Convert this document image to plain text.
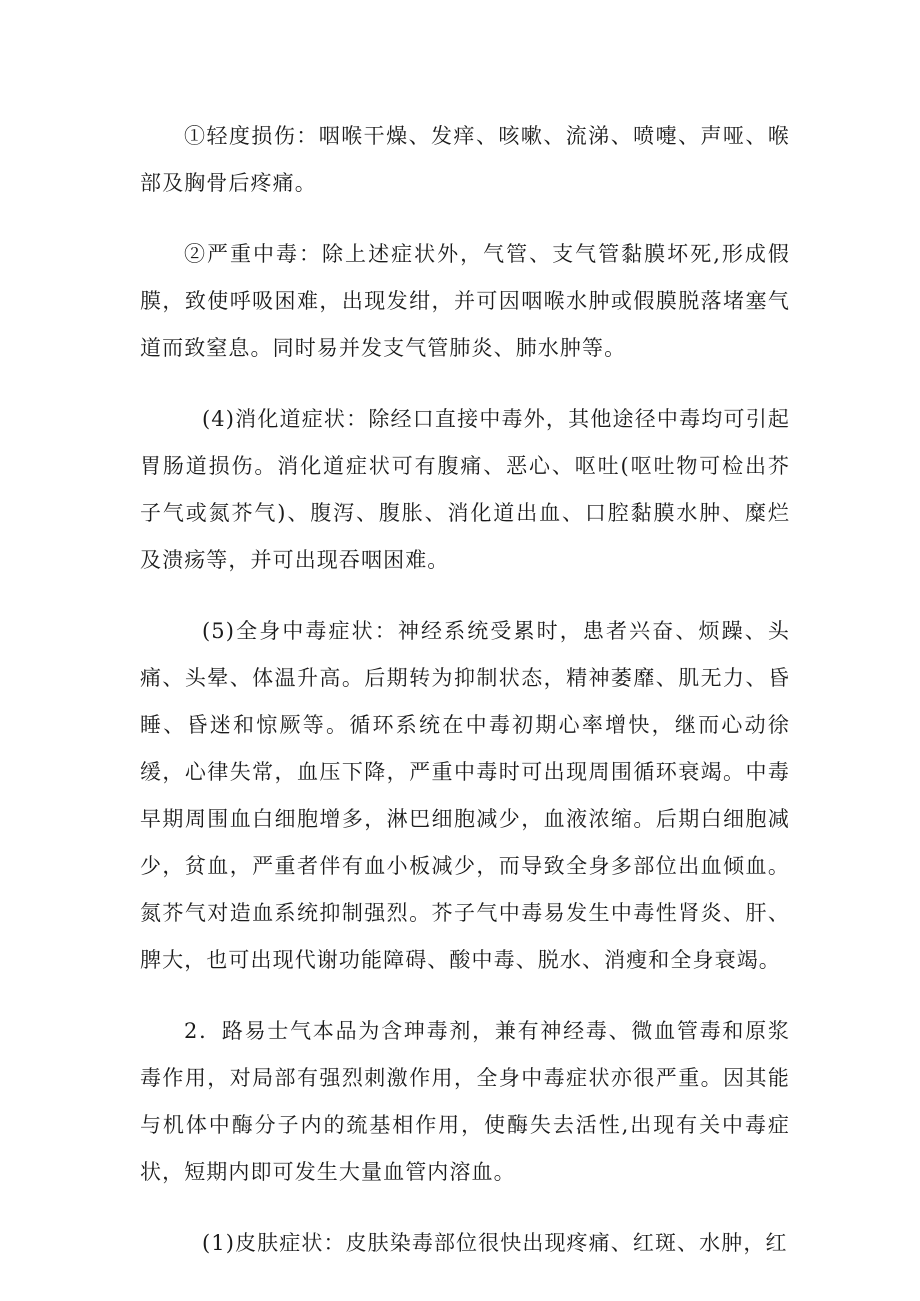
①轻度损伤：咽喉干燥、发痒、咳嗽、流涕、喷嚏、声哑、喉部及胸骨后疼痛。

②严重中毒：除上述症状外，气管、支气管黏膜坏死,形成假膜，致使呼吸困难，出现发绀，并可因咽喉水肿或假膜脱落堵塞气道而致窒息。同时易并发支气管肺炎、肺水肿等。

(4)消化道症状：除经口直接中毒外，其他途径中毒均可引起胃肠道损伤。消化道症状可有腹痛、恶心、呕吐(呕吐物可检出芥子气或氮芥气)、腹泻、腹胀、消化道出血、口腔黏膜水肿、糜烂及溃疡等，并可出现吞咽困难。

(5)全身中毒症状：神经系统受累时，患者兴奋、烦躁、头痛、头晕、体温升高。后期转为抑制状态，精神萎靡、肌无力、昏睡、昏迷和惊厥等。循环系统在中毒初期心率增快，继而心动徐缓，心律失常，血压下降，严重中毒时可出现周围循环衰竭。中毒早期周围血白细胞增多，淋巴细胞减少，血液浓缩。后期白细胞减少，贫血，严重者伴有血小板减少，而导致全身多部位出血倾血。氮芥气对造血系统抑制强烈。芥子气中毒易发生中毒性肾炎、肝、脾大，也可出现代谢功能障碍、酸中毒、脱水、消瘦和全身衰竭。

2．路易士气本品为含珅毒剂，兼有神经毒、微血管毒和原浆毒作用，对局部有强烈刺激作用，全身中毒症状亦很严重。因其能与机体中酶分子内的巯基相作用，使酶失去活性,出现有关中毒症状，短期内即可发生大量血管内溶血。

(1)皮肤症状：皮肤染毒部位很快出现疼痛、红斑、水肿，红
